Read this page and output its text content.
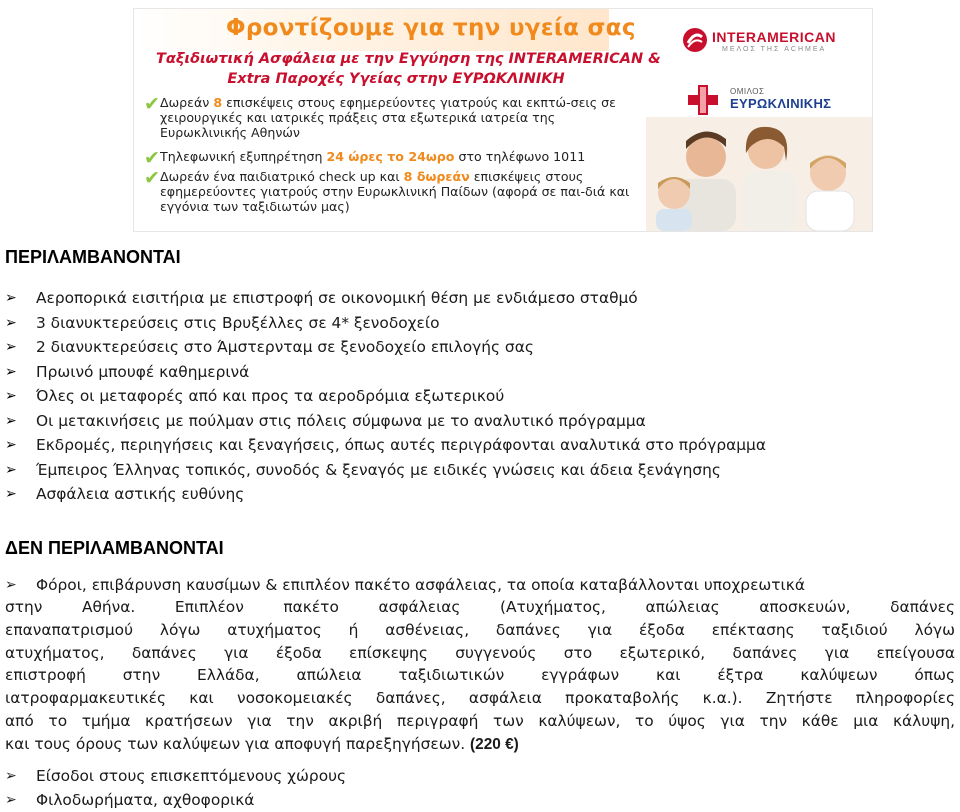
Φροντίζουμε για την υγεία σας
Ταξιδιωτική Ασφάλεια με την Εγγύηση της INTERAMERICAN &
Extra Παροχές Υγείας στην ΕΥΡΩΚΛΙΝΙΚΗ
✔ Δωρεάν 8 επισκέψεις στους εφημερεύοντες γιατρούς και εκπτώ-σεις σε χειρουργικές και ιατρικές πράξεις στα εξωτερικά ιατρεία της Ευρωκλινικής Αθηνών
✔ Τηλεφωνική εξυπηρέτηση 24 ώρες το 24ωρο στο τηλέφωνο 1011
✔ Δωρεάν ένα παιδιατρικό check up και 8 δωρεάν επισκέψεις στους εφημερεύοντες γιατρούς στην Ευρωκλινική Παίδων (αφορά σε παι-διά και εγγόνια των ταξιδιωτών μας)
INTERAMERICAN
ΜΕΛΟΣ ΤΗΣ ACHMEA
ΟΜΙΛΟΣ
ΕΥΡΩΚΛΙΝΙΚΗΣ
ΠΕΡΙΛΑΜΒΑΝΟΝΤΑΙ
➢ Αεροπορικά εισιτήρια με επιστροφή σε οικονομική θέση με ενδιάμεσο σταθμό
➢ 3 διανυκτερεύσεις στις Βρυξέλλες σε 4* ξενοδοχείο
➢ 2 διανυκτερεύσεις στο Άμστερνταμ σε ξενοδοχείο επιλογής σας
➢ Πρωινό μπουφέ καθημερινά
➢ Όλες οι μεταφορές από και προς τα αεροδρόμια εξωτερικού
➢ Οι μετακινήσεις με πούλμαν στις πόλεις σύμφωνα με το αναλυτικό πρόγραμμα
➢ Εκδρομές, περιηγήσεις και ξεναγήσεις, όπως αυτές περιγράφονται αναλυτικά στο πρόγραμμα
➢ Έμπειρος Έλληνας τοπικός, συνοδός & ξεναγός με ειδικές γνώσεις και άδεια ξενάγησης
➢ Ασφάλεια αστικής ευθύνης
ΔΕΝ ΠΕΡΙΛΑΜΒΑΝΟΝΤΑΙ
➢ Φόροι, επιβάρυνση καυσίμων & επιπλέον πακέτο ασφάλειας, τα οποία καταβάλλονται υποχρεωτικά
στην Αθήνα. Επιπλέον πακέτο ασφάλειας (Ατυχήματος, απώλειας αποσκευών, δαπάνες
επαναπατρισμού λόγω ατυχήματος ή ασθένειας, δαπάνες για έξοδα επέκτασης ταξιδιού λόγω
ατυχήματος, δαπάνες για έξοδα επίσκεψης συγγενούς στο εξωτερικό, δαπάνες για επείγουσα
επιστροφή στην Ελλάδα, απώλεια ταξιδιωτικών εγγράφων και έξτρα καλύψεων όπως
ιατροφαρμακευτικές και νοσοκομειακές δαπάνες, ασφάλεια προκαταβολής κ.α.). Ζητήστε πληροφορίες
από το τμήμα κρατήσεων για την ακριβή περιγραφή των καλύψεων, το ύψος για την κάθε μια κάλυψη,
και τους όρους των καλύψεων για αποφυγή παρεξηγήσεων. (220 €)
➢ Είσοδοι στους επισκεπτόμενους χώρους
➢ Φιλοδωρήματα, αχθοφορικά
